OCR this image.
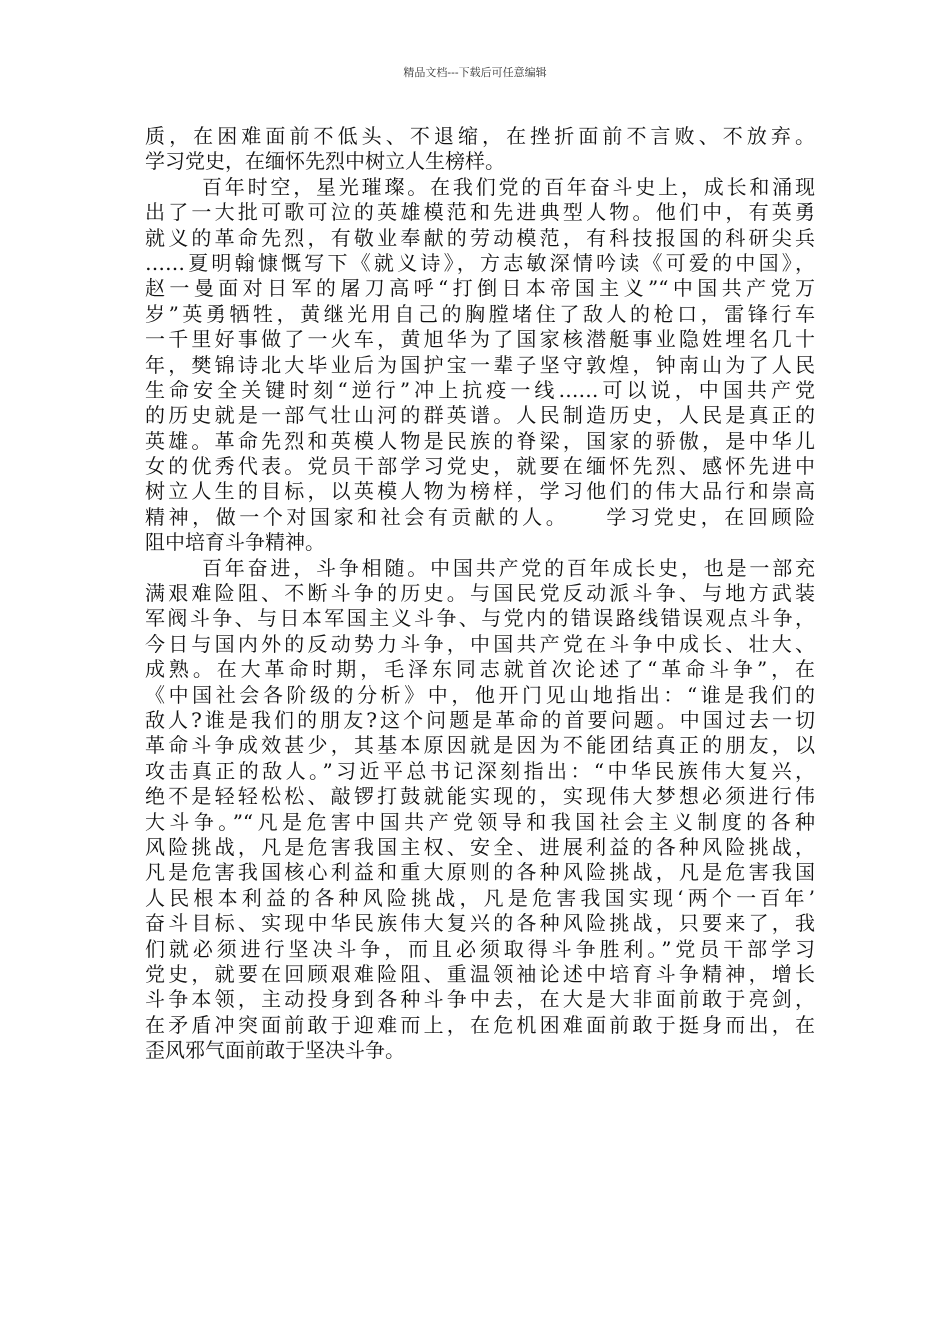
精品文档---下载后可任意编辑
质，在困难面前不低头、不退缩，在挫折面前不言败、不放弃。
学习党史，在缅怀先烈中树立人生榜样。
百年时空，星光璀璨。在我们党的百年奋斗史上，成长和涌现
出了一大批可歌可泣的英雄模范和先进典型人物。他们中，有英勇
就义的革命先烈，有敬业奉献的劳动模范，有科技报国的科研尖兵
……夏明翰慷慨写下《就义诗》，方志敏深情吟读《可爱的中国》，
赵一曼面对日军的屠刀高呼“打倒日本帝国主义”“中国共产党万
岁”英勇牺牲，黄继光用自己的胸膛堵住了敌人的枪口，雷锋行车
一千里好事做了一火车，黄旭华为了国家核潜艇事业隐姓埋名几十
年，樊锦诗北大毕业后为国护宝一辈子坚守敦煌，钟南山为了人民
生命安全关键时刻“逆行”冲上抗疫一线……可以说，中国共产党
的历史就是一部气壮山河的群英谱。人民制造历史，人民是真正的
英雄。革命先烈和英模人物是民族的脊梁，国家的骄傲，是中华儿
女的优秀代表。党员干部学习党史，就要在缅怀先烈、感怀先进中
树立人生的目标，以英模人物为榜样，学习他们的伟大品行和崇高
精神，做一个对国家和社会有贡献的人。　　学习党史，在回顾险
阻中培育斗争精神。
百年奋进，斗争相随。中国共产党的百年成长史，也是一部充
满艰难险阻、不断斗争的历史。与国民党反动派斗争、与地方武装
军阀斗争、与日本军国主义斗争、与党内的错误路线错误观点斗争，
今日与国内外的反动势力斗争，中国共产党在斗争中成长、壮大、
成熟。在大革命时期，毛泽东同志就首次论述了“革命斗争”，在
《中国社会各阶级的分析》中，他开门见山地指出：“谁是我们的
敌人?谁是我们的朋友?这个问题是革命的首要问题。中国过去一切
革命斗争成效甚少，其基本原因就是因为不能团结真正的朋友，以
攻击真正的敌人。”习近平总书记深刻指出：“中华民族伟大复兴，
绝不是轻轻松松、敲锣打鼓就能实现的，实现伟大梦想必须进行伟
大斗争。”“凡是危害中国共产党领导和我国社会主义制度的各种
风险挑战，凡是危害我国主权、安全、进展利益的各种风险挑战，
凡是危害我国核心利益和重大原则的各种风险挑战，凡是危害我国
人民根本利益的各种风险挑战，凡是危害我国实现‘两个一百年’
奋斗目标、实现中华民族伟大复兴的各种风险挑战，只要来了，我
们就必须进行坚决斗争，而且必须取得斗争胜利。”党员干部学习
党史，就要在回顾艰难险阻、重温领袖论述中培育斗争精神，增长
斗争本领，主动投身到各种斗争中去，在大是大非面前敢于亮剑，
在矛盾冲突面前敢于迎难而上，在危机困难面前敢于挺身而出，在
歪风邪气面前敢于坚决斗争。
